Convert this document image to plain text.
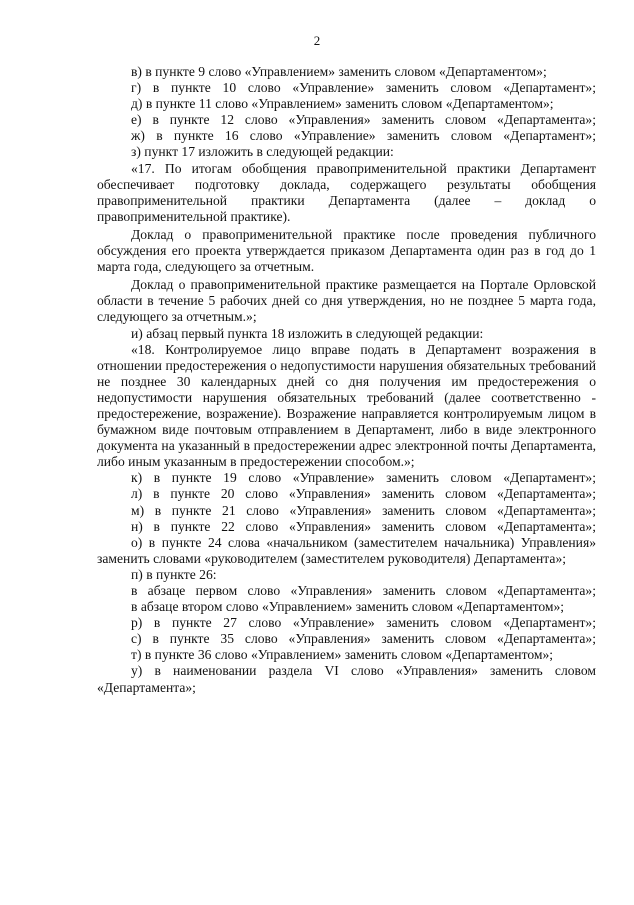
2

в) в пункте 9 слово «Управлением» заменить словом «Департаментом»;

г) в пункте 10 слово «Управление» заменить словом «Департамент»;

д) в пункте 11 слово «Управлением» заменить словом «Департаментом»;

е) в пункте 12 слово «Управления» заменить словом «Департамента»;

ж) в пункте 16 слово «Управление» заменить словом «Департамент»;

з) пункт 17 изложить в следующей редакции:

«17. По итогам обобщения правоприменительной практики Департамент обеспечивает подготовку доклада, содержащего результаты обобщения правоприменительной практики Департамента (далее – доклад о правоприменительной практике).

Доклад о правоприменительной практике после проведения публичного обсуждения его проекта утверждается приказом Департамента один раз в год до 1 марта года, следующего за отчетным.

Доклад о правоприменительной практике размещается на Портале Орловской области в течение 5 рабочих дней со дня утверждения, но не позднее 5 марта года, следующего за отчетным.»;

и) абзац первый пункта 18 изложить в следующей редакции:

«18. Контролируемое лицо вправе подать в Департамент возражения в отношении предостережения о недопустимости нарушения обязательных требований не позднее 30 календарных дней со дня получения им предостережения о недопустимости нарушения обязательных требований (далее соответственно - предостережение, возражение). Возражение направляется контролируемым лицом в бумажном виде почтовым отправлением в Департамент, либо в виде электронного документа на указанный в предостережении адрес электронной почты Департамента, либо иным указанным в предостережении способом.»;

к) в пункте 19 слово «Управление» заменить словом «Департамент»;

л) в пункте 20 слово «Управления» заменить словом «Департамента»;

м) в пункте 21 слово «Управления» заменить словом «Департамента»;

н) в пункте 22 слово «Управления» заменить словом «Департамента»;

о) в пункте 24 слова «начальником (заместителем начальника) Управления» заменить словами «руководителем (заместителем руководителя) Департамента»;

п) в пункте 26:

в абзаце первом слово «Управления» заменить словом «Департамента»;

в абзаце втором слово «Управлением» заменить словом «Департаментом»;

р) в пункте 27 слово «Управление» заменить словом «Департамент»;

с) в пункте 35 слово «Управления» заменить словом «Департамента»;

т) в пункте 36 слово «Управлением» заменить словом «Департаментом»;

у) в наименовании раздела VI слово «Управления» заменить словом «Департамента»;
